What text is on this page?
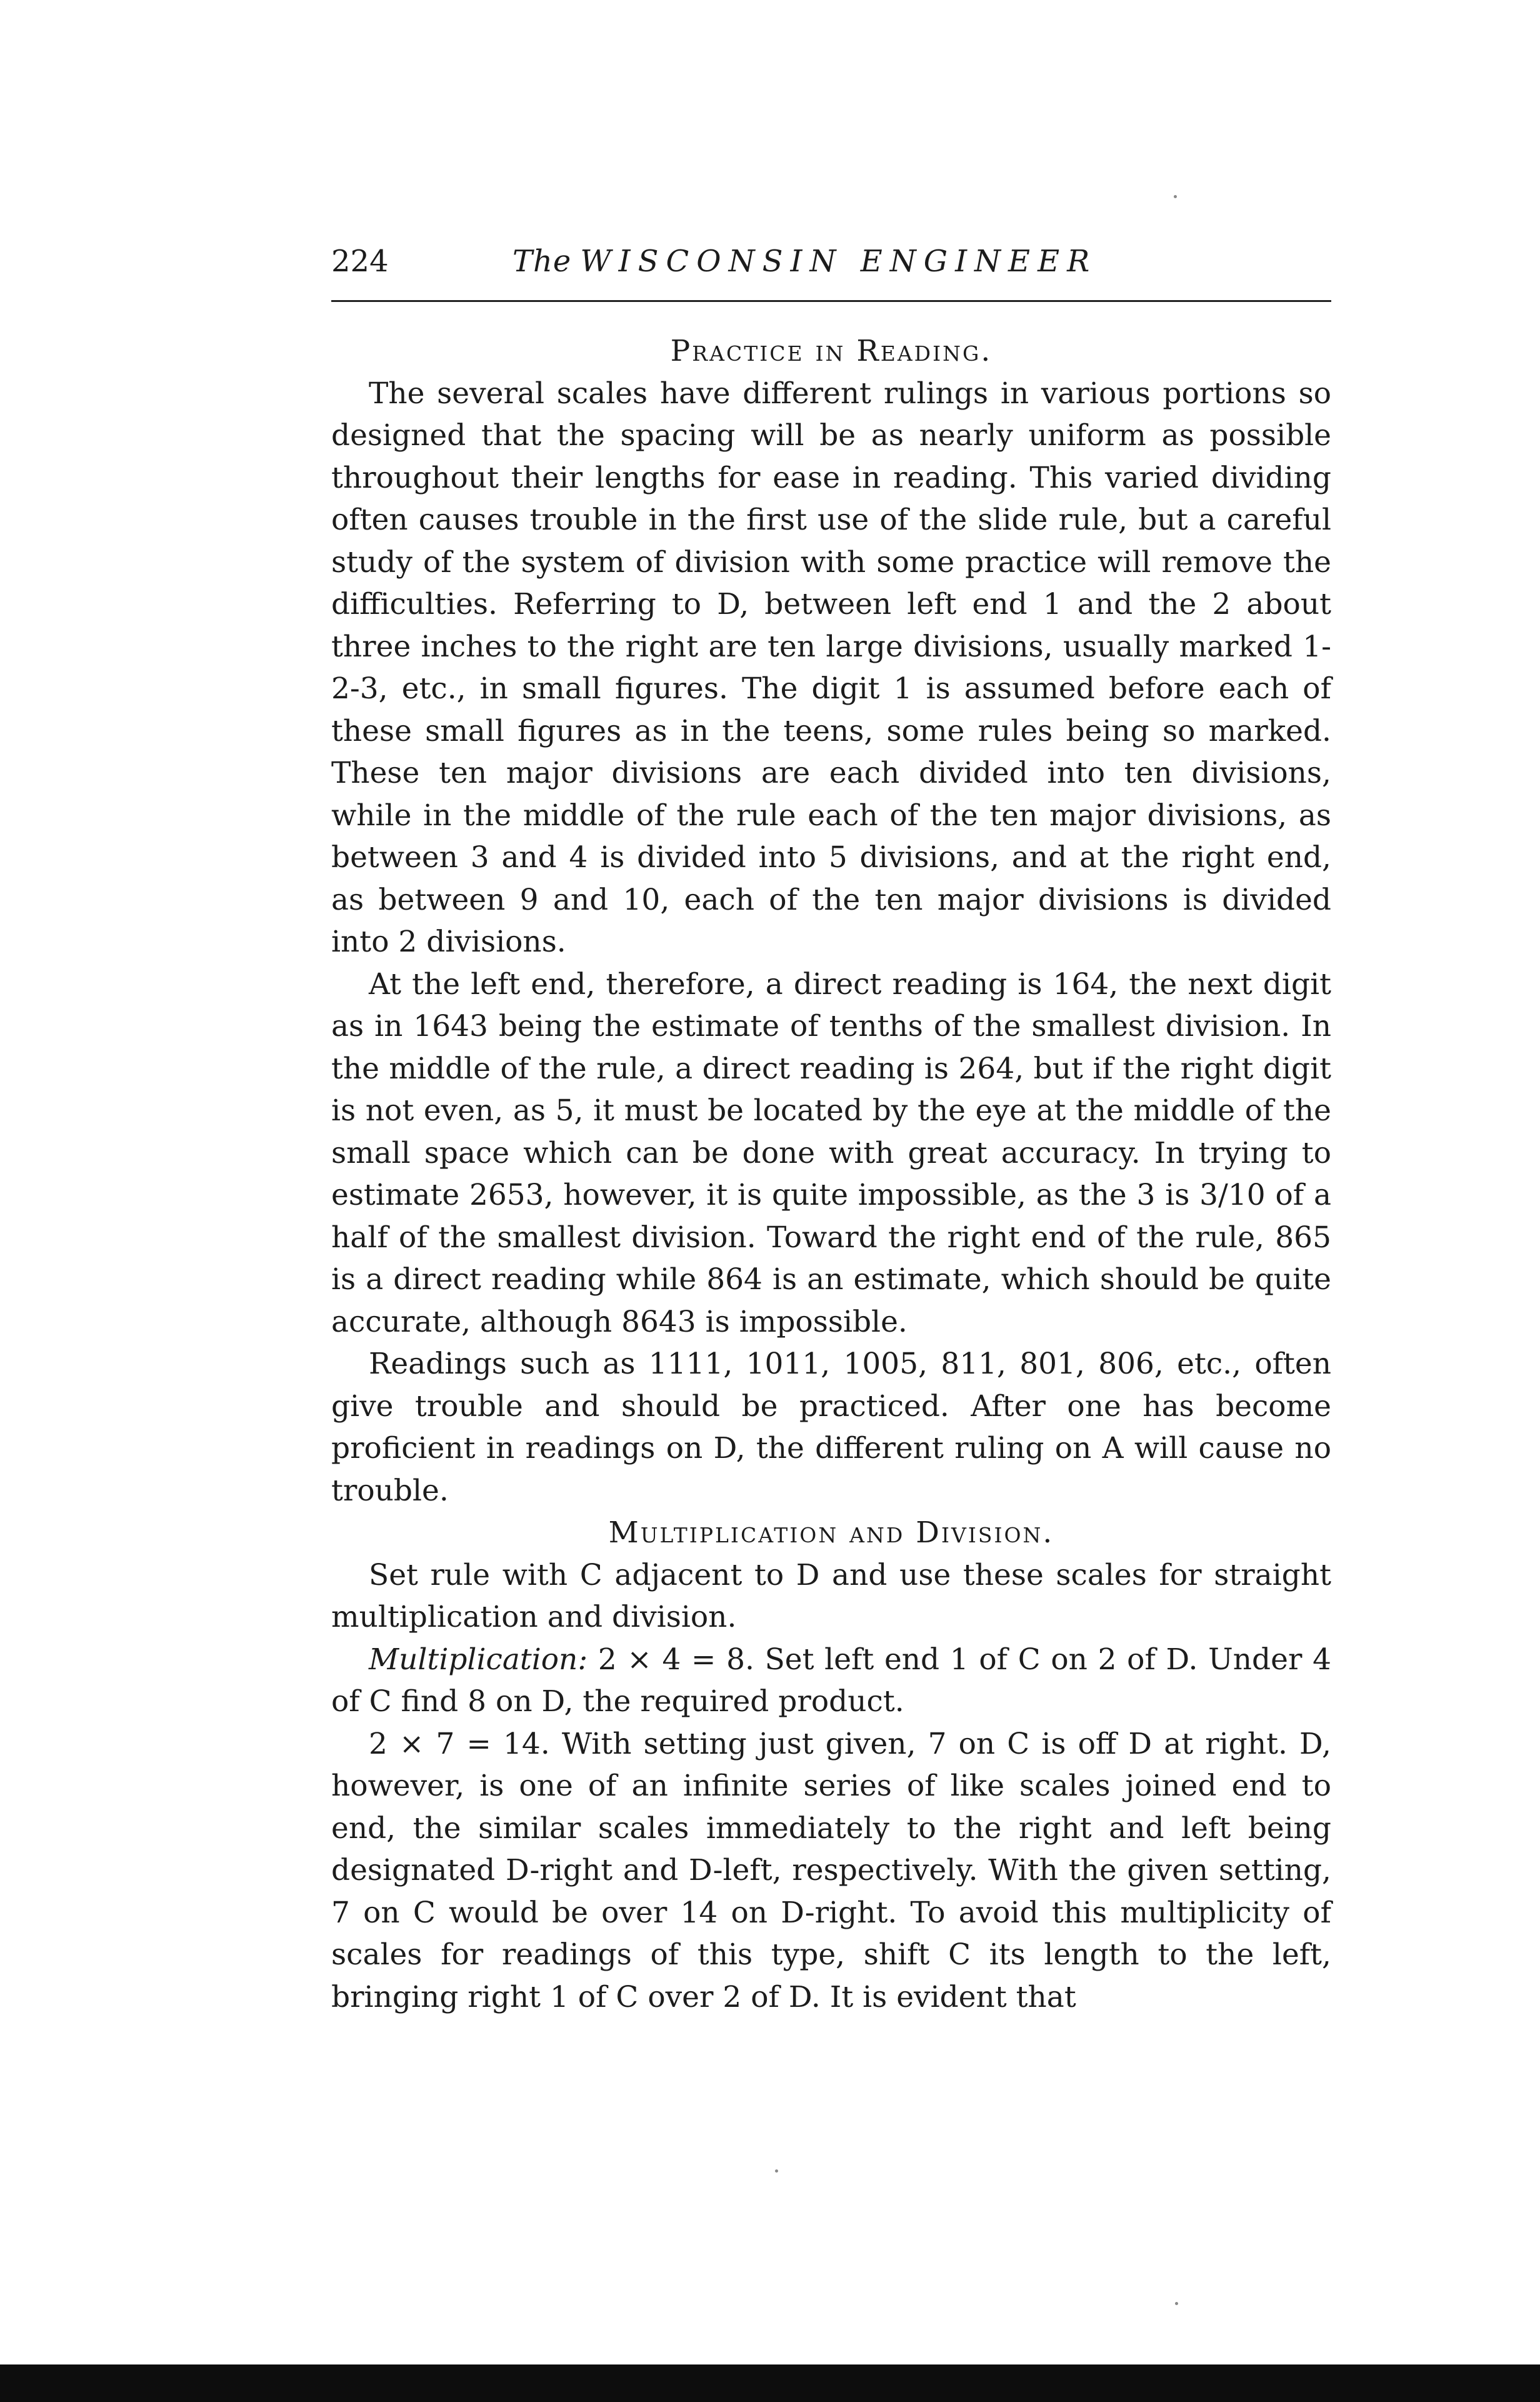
224	The WISCONSIN ENGINEER
Practice in Reading.

The several scales have different rulings in various portions so designed that the spacing will be as nearly uniform as possible throughout their lengths for ease in reading. This varied dividing often causes trouble in the first use of the slide rule, but a careful study of the system of division with some practice will remove the difficulties. Referring to D, between left end 1 and the 2 about three inches to the right are ten large divisions, usually marked 1-2-3, etc., in small figures. The digit 1 is assumed before each of these small figures as in the teens, some rules being so marked. These ten major divisions are each divided into ten divisions, while in the middle of the rule each of the ten major divisions, as between 3 and 4 is divided into 5 divisions, and at the right end, as between 9 and 10, each of the ten major divisions is divided into 2 divisions.

At the left end, therefore, a direct reading is 164, the next digit as in 1643 being the estimate of tenths of the smallest division. In the middle of the rule, a direct reading is 264, but if the right digit is not even, as 5, it must be located by the eye at the middle of the small space which can be done with great accuracy. In trying to estimate 2653, however, it is quite impossible, as the 3 is 3/10 of a half of the smallest division. Toward the right end of the rule, 865 is a direct reading while 864 is an estimate, which should be quite accurate, although 8643 is impossible.

Readings such as 1111, 1011, 1005, 811, 801, 806, etc., often give trouble and should be practiced. After one has become proficient in readings on D, the different ruling on A will cause no trouble.

Multiplication and Division.

Set rule with C adjacent to D and use these scales for straight multiplication and division.

Multiplication: 2 × 4 = 8. Set left end 1 of C on 2 of D. Under 4 of C find 8 on D, the required product.

2 × 7 = 14. With setting just given, 7 on C is off D at right. D, however, is one of an infinite series of like scales joined end to end, the similar scales immediately to the right and left being designated D-right and D-left, respectively. With the given setting, 7 on C would be over 14 on D-right. To avoid this multiplicity of scales for readings of this type, shift C its length to the left, bringing right 1 of C over 2 of D. It is evident that
